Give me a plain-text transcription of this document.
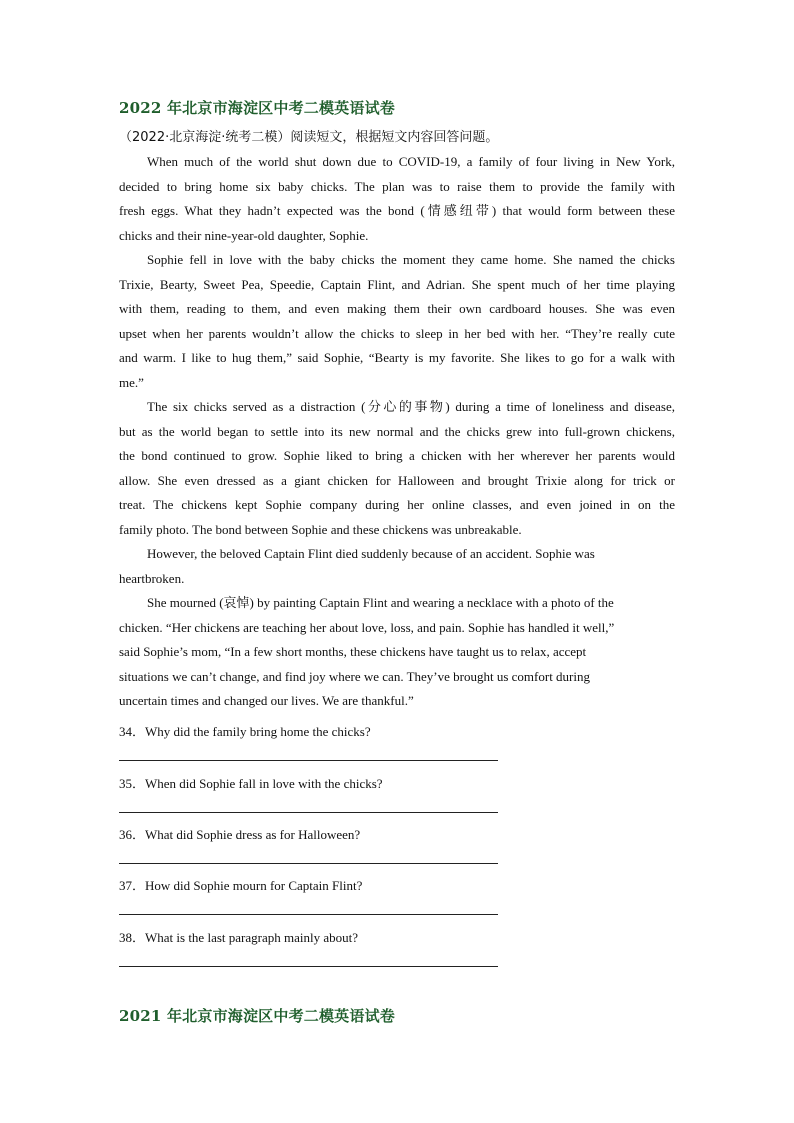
2022 年北京市海淀区中考二模英语试卷
（2022·北京海淀·统考二模）阅读短文，根据短文内容回答问题。
When much of the world shut down due to COVID-19, a family of four living in New York,
decided to bring home six baby chicks. The plan was to raise them to provide the family with
fresh eggs. What they hadn’t expected was the bond (情感纽带) that would form between these
chicks and their nine-year-old daughter, Sophie.
Sophie fell in love with the baby chicks the moment they came home. She named the chicks
Trixie, Bearty, Sweet Pea, Speedie, Captain Flint, and Adrian. She spent much of her time playing
with them, reading to them, and even making them their own cardboard houses. She was even
upset when her parents wouldn’t allow the chicks to sleep in her bed with her. “They’re really cute
and warm. I like to hug them,” said Sophie, “Bearty is my favorite. She likes to go for a walk with
me.”
The six chicks served as a distraction (分心的事物) during a time of loneliness and disease,
but as the world began to settle into its new normal and the chicks grew into full-grown chickens,
the bond continued to grow. Sophie liked to bring a chicken with her wherever her parents would
allow. She even dressed as a giant chicken for Halloween and brought Trixie along for trick or
treat. The chickens kept Sophie company during her online classes, and even joined in on the
family photo. The bond between Sophie and these chickens was unbreakable.
However, the beloved Captain Flint died suddenly because of an accident. Sophie was
heartbroken.
She mourned (哀悼) by painting Captain Flint and wearing a necklace with a photo of the
chicken. “Her chickens are teaching her about love, loss, and pain. Sophie has handled it well,”
said Sophie’s mom, “In a few short months, these chickens have taught us to relax, accept
situations we can’t change, and find joy where we can. They’ve brought us comfort during
uncertain times and changed our lives. We are thankful.”
34．Why did the family bring home the chicks?
35．When did Sophie fall in love with the chicks?
36．What did Sophie dress as for Halloween?
37．How did Sophie mourn for Captain Flint?
38．What is the last paragraph mainly about?
2021 年北京市海淀区中考二模英语试卷
